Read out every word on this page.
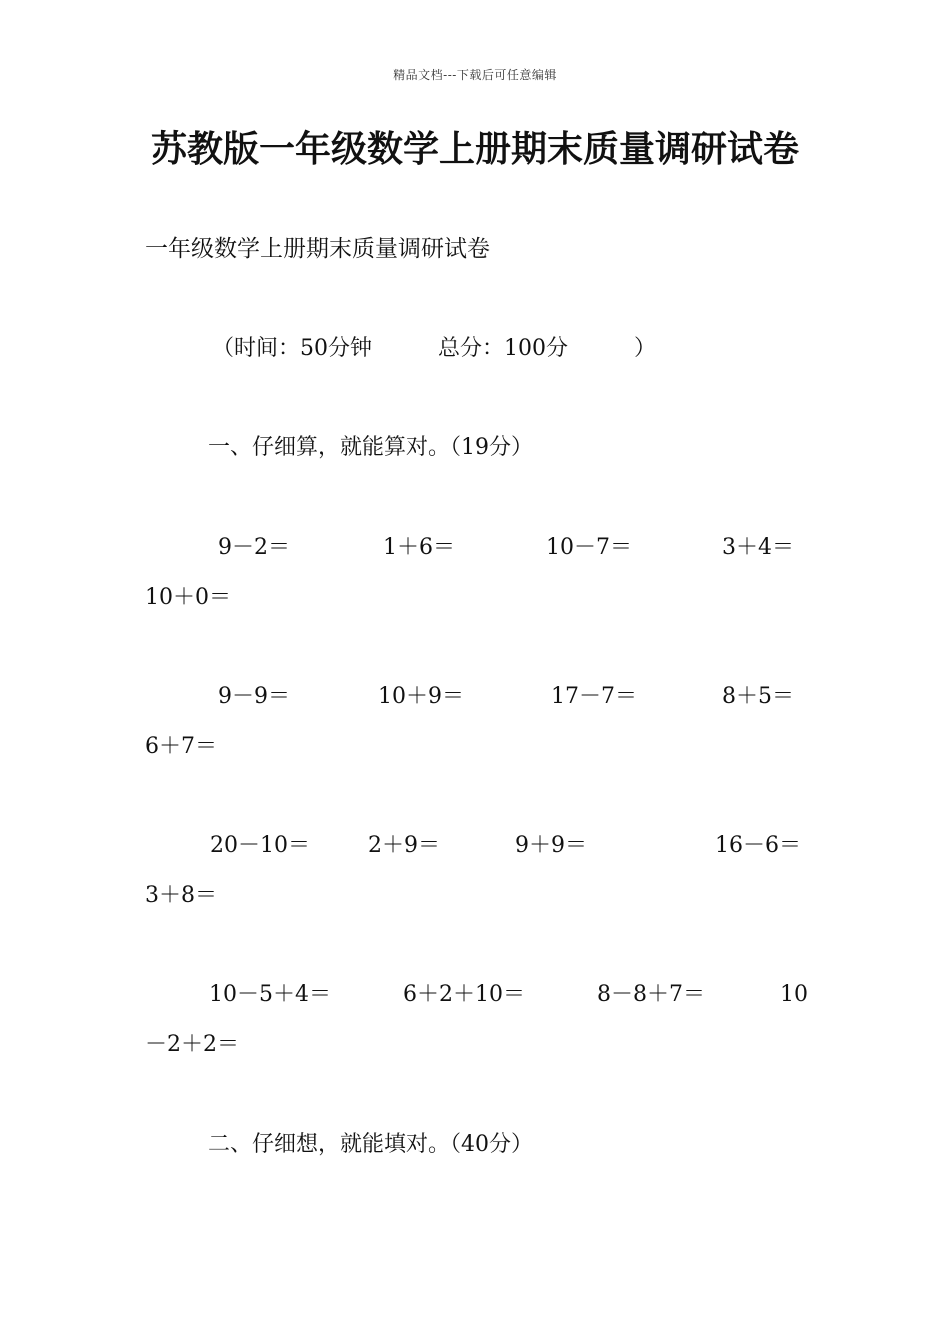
精品文档---下载后可任意编辑
苏教版一年级数学上册期末质量调研试卷
一年级数学上册期末质量调研试卷
（时间：50分钟	总分：100分	）
一、仔细算，就能算对。（19分）
9－2＝	1＋6＝	10－7＝	3＋4＝
10＋0＝
9－9＝	10＋9＝	17－7＝	8＋5＝
6＋7＝
20－10＝	2＋9＝	9＋9＝	16－6＝
3＋8＝
10－5＋4＝	6＋2＋10＝	8－8＋7＝	10
－2＋2＝
二、仔细想，就能填对。（40分）
